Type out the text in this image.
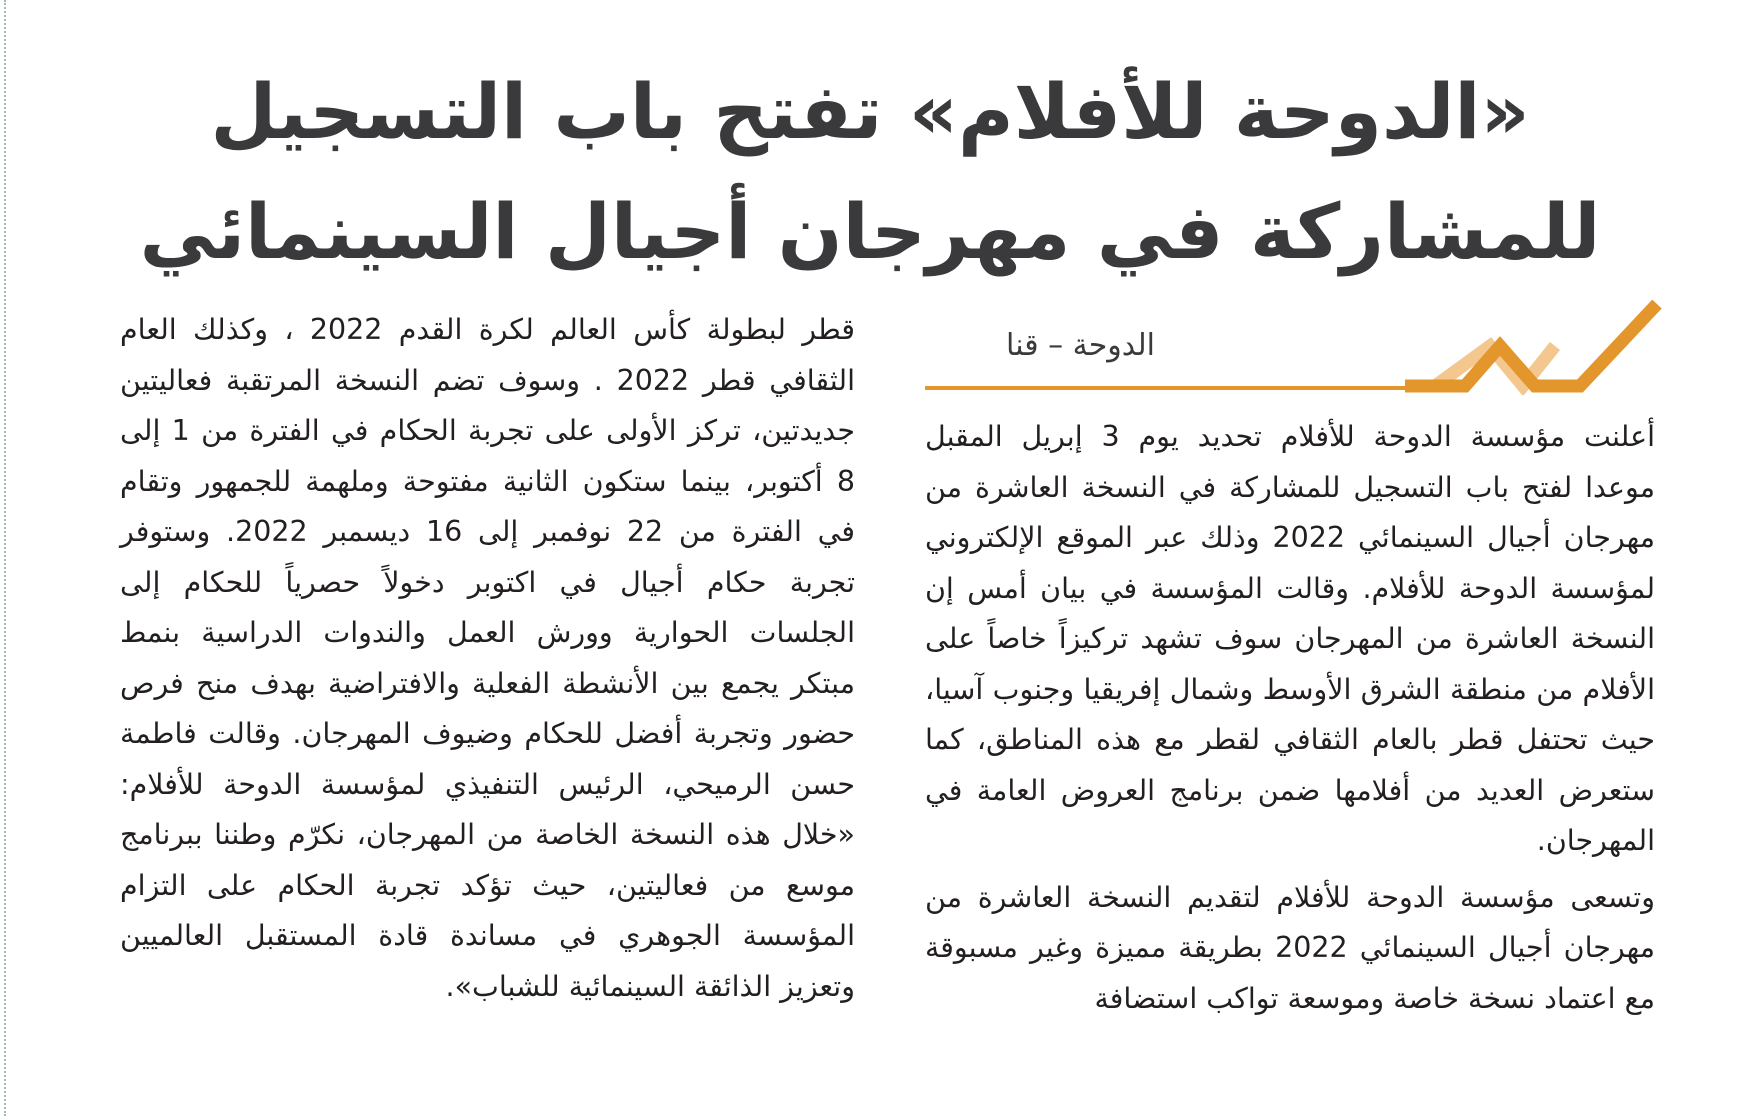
«الدوحة للأفلام» تفتح باب التسجيل
للمشاركة في مهرجان أجيال السينمائي
الدوحة – قنا

أعلنت مؤسسة الدوحة للأفلام تحديد يوم 3 إبريل المقبل موعدا لفتح باب التسجيل للمشاركة في النسخة العاشرة من مهرجان أجيال السينمائي 2022 وذلك عبر الموقع الإلكتروني لمؤسسة الدوحة للأفلام. وقالت المؤسسة في بيان أمس إن النسخة العاشرة من المهرجان سوف تشهد تركيزاً خاصاً على الأفلام من منطقة الشرق الأوسط وشمال إفريقيا وجنوب آسيا، حيث تحتفل قطر بالعام الثقافي لقطر مع هذه المناطق، كما ستعرض العديد من أفلامها ضمن برنامج العروض العامة في المهرجان.

وتسعى مؤسسة الدوحة للأفلام لتقديم النسخة العاشرة من مهرجان أجيال السينمائي 2022 بطريقة مميزة وغير مسبوقة مع اعتماد نسخة خاصة وموسعة تواكب استضافة

قطر لبطولة كأس العالم لكرة القدم 2022 ، وكذلك العام الثقافي قطر 2022 . وسوف تضم النسخة المرتقبة فعاليتين جديدتين، تركز الأولى على تجربة الحكام في الفترة من 1 إلى 8 أكتوبر، بينما ستكون الثانية مفتوحة وملهمة للجمهور وتقام في الفترة من 22 نوفمبر إلى 16 ديسمبر 2022. وستوفر تجربة حكام أجيال في اكتوبر دخولاً حصرياً للحكام إلى الجلسات الحوارية وورش العمل والندوات الدراسية بنمط مبتكر يجمع بين الأنشطة الفعلية والافتراضية بهدف منح فرص حضور وتجربة أفضل للحكام وضيوف المهرجان. وقالت فاطمة حسن الرميحي، الرئيس التنفيذي لمؤسسة الدوحة للأفلام: «خلال هذه النسخة الخاصة من المهرجان، نكرّم وطننا ببرنامج موسع من فعاليتين، حيث تؤكد تجربة الحكام على التزام المؤسسة الجوهري في مساندة قادة المستقبل العالميين وتعزيز الذائقة السينمائية للشباب».
